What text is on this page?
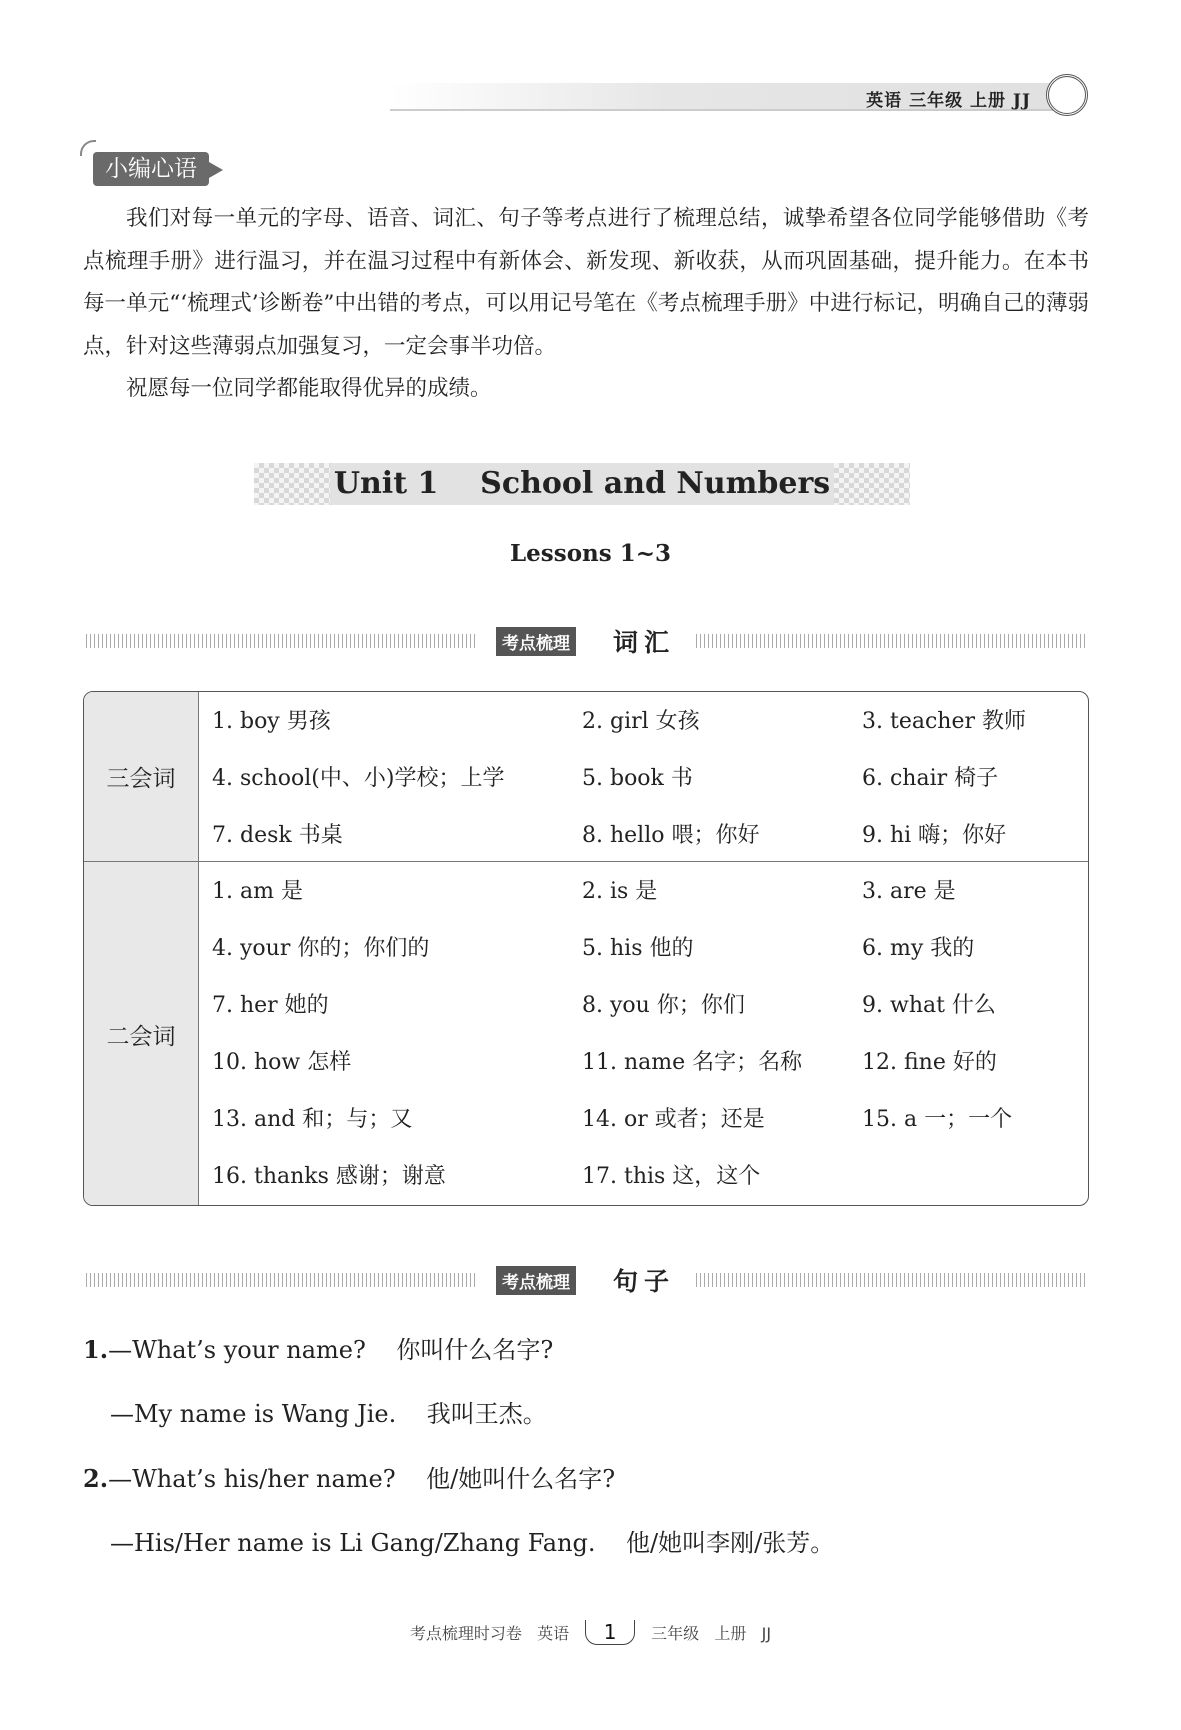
英语 三年级 上册 JJ
小编心语

我们对每一单元的字母、语音、词汇、句子等考点进行了梳理总结，诚挚希望各位同学能够借助《考点梳理手册》进行温习，并在温习过程中有新体会、新发现、新收获，从而巩固基础，提升能力。在本书每一单元“‘梳理式’诊断卷”中出错的考点，可以用记号笔在《考点梳理手册》中进行标记，明确自己的薄弱点，针对这些薄弱点加强复习，一定会事半功倍。

祝愿每一位同学都能取得优异的成绩。

Unit 1    School and Numbers
Lessons 1~3
考点梳理 词汇
三会词
1. boy 男孩	2. girl 女孩	3. teacher 教师
4. school(中、小)学校；上学	5. book 书	6. chair 椅子
7. desk 书桌	8. hello 喂；你好	9. hi 嗨；你好
二会词
1. am 是	2. is 是	3. are 是
4. your 你的；你们的	5. his 他的	6. my 我的
7. her 她的	8. you 你；你们	9. what 什么
10. how 怎样	11. name 名字；名称	12. fine 好的
13. and 和；与；又	14. or 或者；还是	15. a 一；一个
16. thanks 感谢；谢意	17. this 这，这个
考点梳理 句子
1.—What’s your name?    你叫什么名字?
—My name is Wang Jie.    我叫王杰。
2.—What’s his/her name?    他/她叫什么名字?
—His/Her name is Li Gang/Zhang Fang.    他/她叫李刚/张芳。
考点梳理时习卷   英语 1 三年级   上册   JJ
